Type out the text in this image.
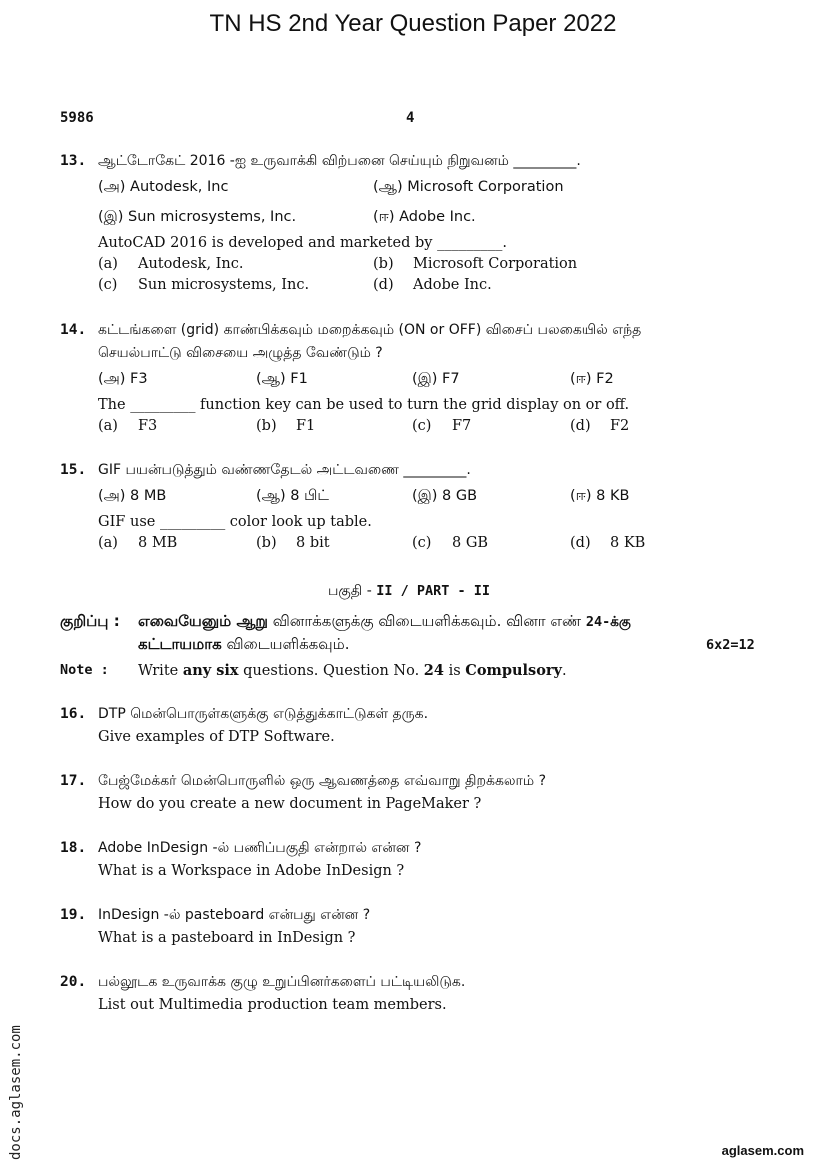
TN HS 2nd Year Question Paper 2022
5986	4
13. ஆட்டோகேட் 2016 -ஐ உருவாக்கி விற்பனை செய்யும் நிறுவனம் _________.
(அ) Autodesk, Inc	(ஆ) Microsoft Corporation
(இ) Sun microsystems, Inc.	(ஈ) Adobe Inc.
AutoCAD 2016 is developed and marketed by _________.
(a) Autodesk, Inc.	(b) Microsoft Corporation
(c) Sun microsystems, Inc.	(d) Adobe Inc.
14. கட்டங்களை (grid) காண்பிக்கவும் மறைக்கவும் (ON or OFF) விசைப் பலகையில் எந்த
செயல்பாட்டு விசையை அழுத்த வேண்டும் ?
(அ) F3	(ஆ) F1	(இ) F7	(ஈ) F2
The _________ function key can be used to turn the grid display on or off.
(a) F3	(b) F1	(c) F7	(d) F2
15. GIF பயன்படுத்தும் வண்ணதேடல் அட்டவணை _________.
(அ) 8 MB	(ஆ) 8 பிட்	(இ) 8 GB	(ஈ) 8 KB
GIF use _________ color look up table.
(a) 8 MB	(b) 8 bit	(c) 8 GB	(d) 8 KB
பகுதி - II / PART - II
குறிப்பு : எவையேனும் ஆறு வினாக்களுக்கு விடையளிக்கவும். வினா எண் 24-க்கு
கட்டாயமாக விடையளிக்கவும்.	6x2=12
Note : Write any six questions. Question No. 24 is Compulsory.
16. DTP மென்பொருள்களுக்கு எடுத்துக்காட்டுகள் தருக.
Give examples of DTP Software.
17. பேஜ்மேக்கர் மென்பொருளில் ஒரு ஆவணத்தை எவ்வாறு திறக்கலாம் ?
How do you create a new document in PageMaker ?
18. Adobe InDesign -ல் பணிப்பகுதி என்றால் என்ன ?
What is a Workspace in Adobe InDesign ?
19. InDesign -ல் pasteboard என்பது என்ன ?
What is a pasteboard in InDesign ?
20. பல்லூடக உருவாக்க குழு உறுப்பினர்களைப் பட்டியலிடுக.
List out Multimedia production team members.
docs.aglasem.com	aglasem.com
